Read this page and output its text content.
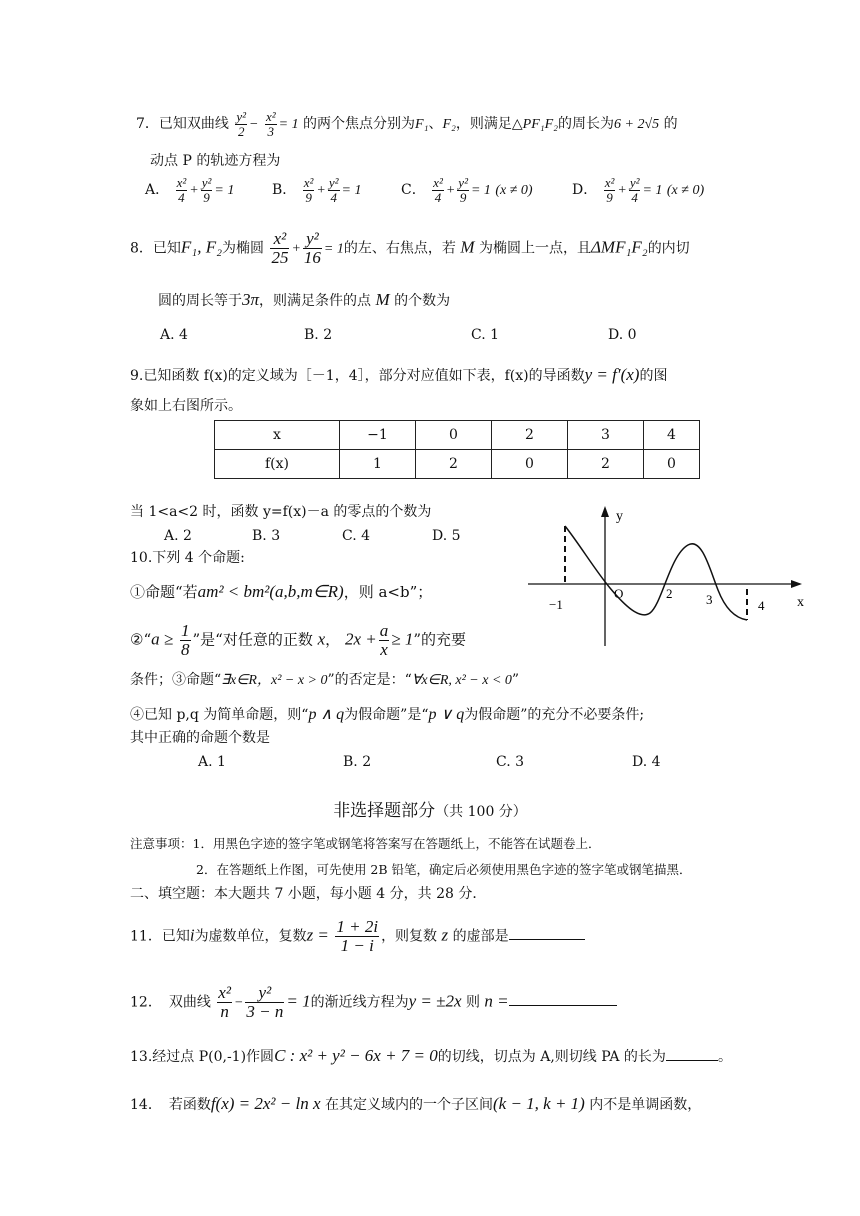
7．已知双曲线 $\frac{\text{y²}}{2} - \frac{\text{x²}}{3} = 1$ 的两个焦点分别为F₁、F₂，则满足△PF₁F₂的周长为6 + 2√5 的
动点 P 的轨迹方程为
A． $\frac{\text{x²}}{4} + \frac{\text{y²}}{9} = 1$	B． $\frac{\text{x²}}{9} + \frac{\text{y²}}{4} = 1$	C． $\frac{\text{x²}}{4} + \frac{\text{y²}}{9} = 1$ (x ≠ 0)	D． $\frac{\text{x²}}{9} + \frac{\text{y²}}{4} = 1$ (x ≠ 0)
8．已知F₁, F₂为椭圆 $\frac{\text{x²}}{25} + \frac{\text{y²}}{16} = 1$的左、右焦点，若 M 为椭圆上一点，且ΔMF₁F₂的内切
圆的周长等于3π，则满足条件的点 M 的个数为
A. 4	B. 2	C. 1	D. 0
9.已知函数 f(x)的定义域为［－1，4］，部分对应值如下表，f(x)的导函数y = f′(x)的图
象如上右图所示。
x	−1	0	2	3	4
f(x)	1	2	0	2	0
当 1<a<2 时，函数 y=f(x)－a 的零点的个数为
A. 2	B. 3	C. 4	D. 5
y
x
O
−1
2	3	4
10.下列 4 个命题:
①命题“若am² < bm²(a,b,m∈R)，则 a<b”；
②“a ≥ $\frac{1}{8}$ ”是“对任意的正数 x， $2x + \frac{a}{x} \ge 1$”的充要
条件；③命题“∃x∈R，x² − x > 0”的否定是：“∀x∈R, x² − x < 0”
④已知 p,q 为简单命题，则“p ∧ q为假命题”是“p ∨ q为假命题”的充分不必要条件;
其中正确的命题个数是
A. 1	B. 2	C. 3	D. 4
非选择题部分（共 100 分）
注意事项：1．用黑色字迹的签字笔或钢笔将答案写在答题纸上，不能答在试题卷上．
2．在答题纸上作图，可先使用 2B 铅笔，确定后必须使用黑色字迹的签字笔或钢笔描黑．
二、填空题：本大题共 7 小题，每小题 4 分，共 28 分．
11．已知i为虚数单位，复数$z = \frac{1 + 2i}{1 - i}$ ，则复数 z 的虚部是
12．　双曲线 $\frac{\text{x²}}{n} - \frac{\text{y²}}{3 - n} = 1$的渐近线方程为y = ±2x 则 n =
13.经过点 P(0,-1)作圆C : x² + y² − 6x + 7 = 0的切线，切点为 A,则切线 PA 的长为	。
14．　若函数f(x) = 2x² − ln x 在其定义域内的一个子区间(k − 1, k + 1) 内不是单调函数，
